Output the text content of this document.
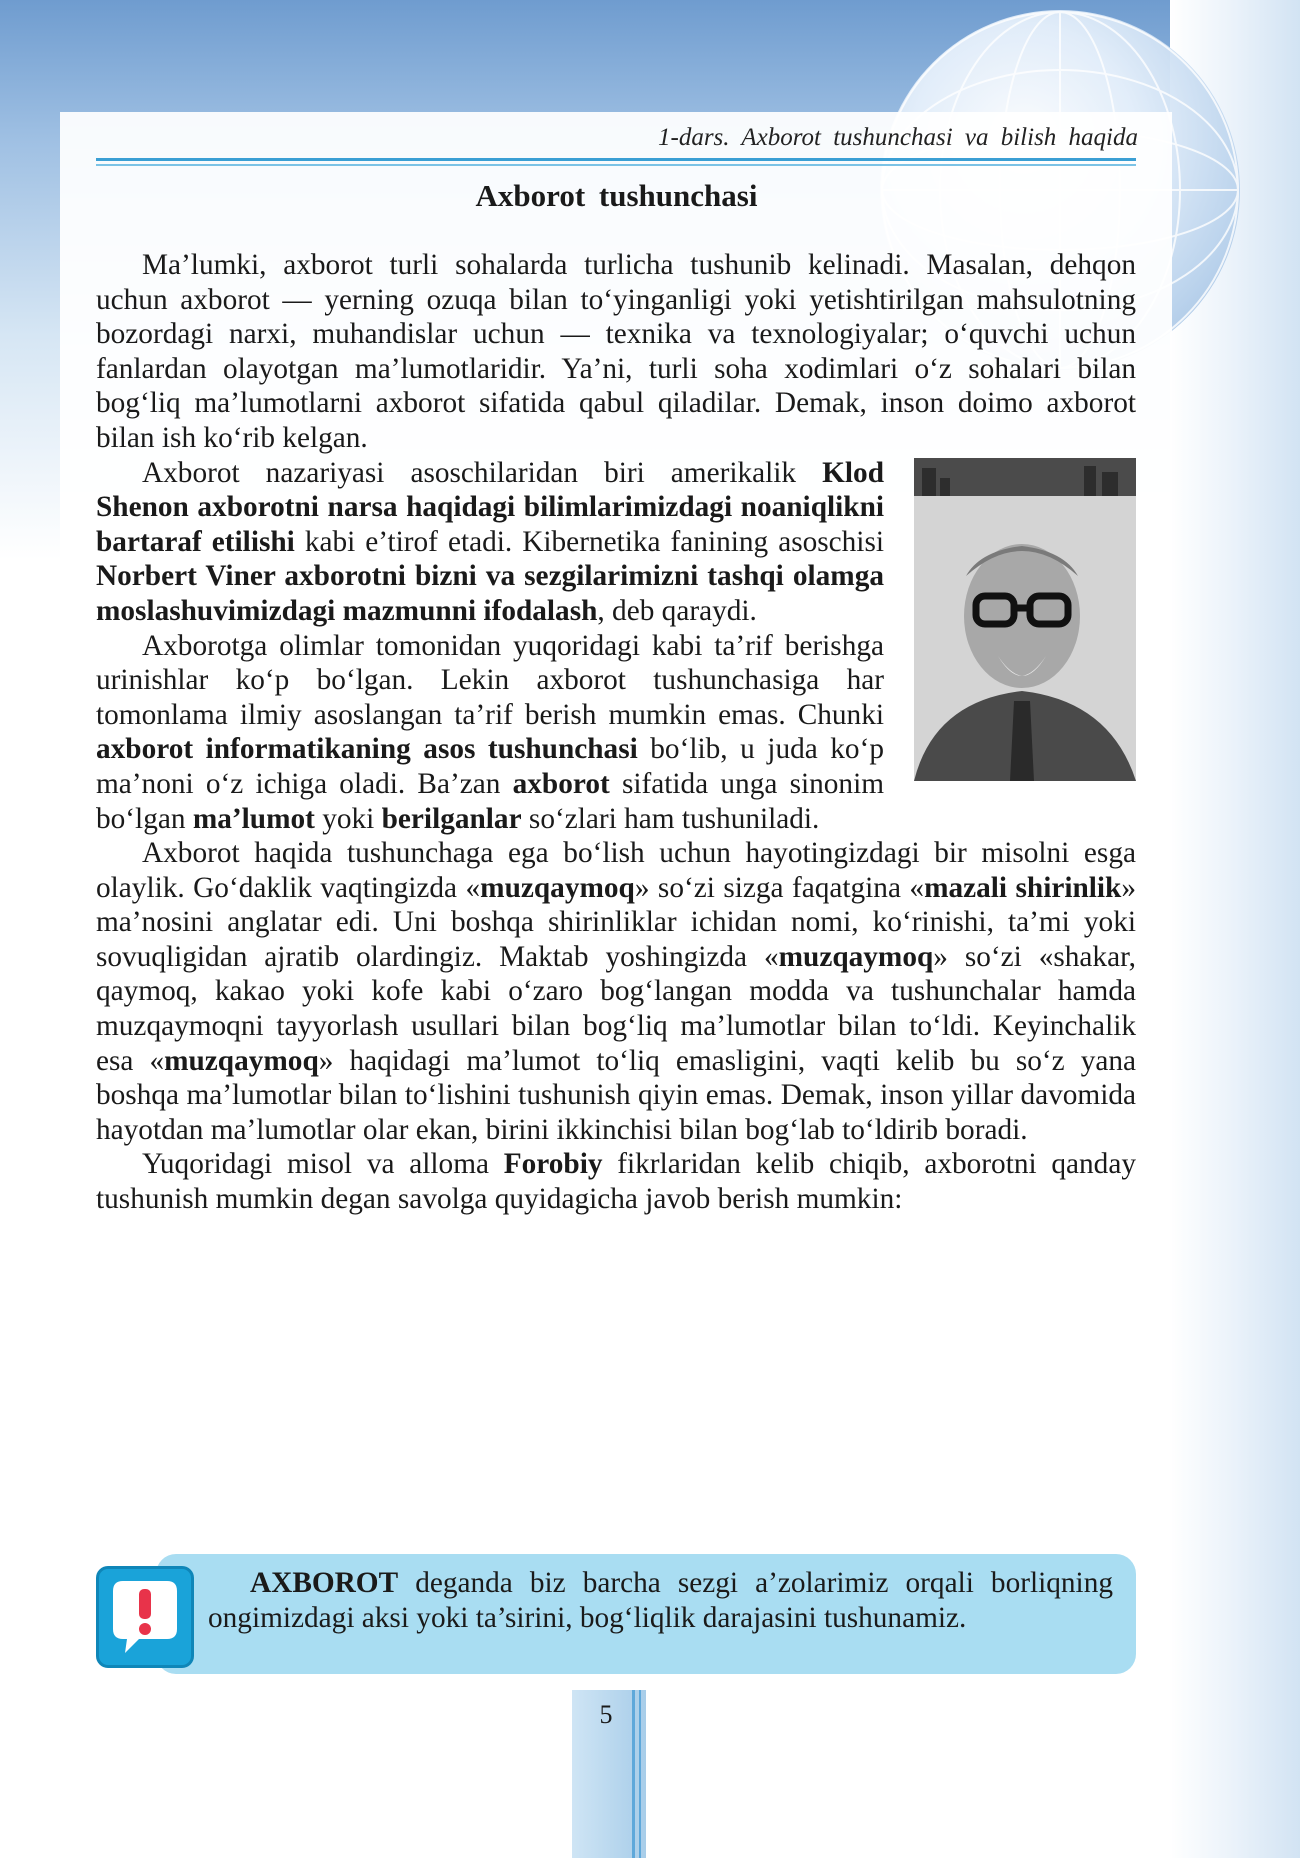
1-dars. Axborot tushunchasi va bilish haqida
Axborot tushunchasi

Ma’lumki, axborot turli sohalarda turlicha tushunib kelinadi. Masalan, dehqon uchun axborot — yerning ozuqa bilan to‘yinganligi yoki yetishtirilgan mahsulotning bozordagi narxi, muhandislar uchun — texnika va texnologiyalar; o‘quvchi uchun fanlardan olayotgan ma’lumotlaridir. Ya’ni, turli soha xodimlari o‘z sohalari bilan bog‘liq ma’lumotlarni axborot sifatida qabul qiladilar. Demak, inson doimo axborot bilan ish ko‘rib kelgan.

Axborot nazariyasi asoschilaridan biri amerikalik Klod Shenon axborotni narsa haqidagi bilimlarimizdagi noaniqlikni bartaraf etilishi kabi e’tirof etadi. Kibernetika fanining asoschisi Norbert Viner axborotni bizni va sezgilarimizni tashqi olamga moslashuvimizdagi mazmunni ifodalash, deb qaraydi.

Axborotga olimlar tomonidan yuqoridagi kabi ta’rif berishga urinishlar ko‘p bo‘lgan. Lekin axborot tushunchasiga har tomonlama ilmiy asoslangan ta’rif berish mumkin emas. Chunki axborot informatikaning asos tushunchasi bo‘lib, u juda ko‘p ma’noni o‘z ichiga oladi. Ba’zan axborot sifatida unga sinonim bo‘lgan ma’lumot yoki berilganlar so‘zlari ham tushuniladi.

Axborot haqida tushunchaga ega bo‘lish uchun hayotingizdagi bir misolni esga olaylik. Go‘daklik vaqtingizda «muzqaymoq» so‘zi sizga faqatgina «mazali shirinlik» ma’nosini anglatar edi. Uni boshqa shirinliklar ichidan nomi, ko‘rinishi, ta’mi yoki sovuqligidan ajratib olardingiz. Maktab yoshingizda «muzqaymoq» so‘zi «shakar, qaymoq, kakao yoki kofe kabi o‘zaro bog‘langan modda va tushunchalar hamda muzqaymoqni tayyorlash usullari bilan bog‘liq ma’lumotlar bilan to‘ldi. Keyinchalik esa «muzqaymoq» haqidagi ma’lumot to‘liq emasligini, vaqti kelib bu so‘z yana boshqa ma’lumotlar bilan to‘lishini tushunish qiyin emas. Demak, inson yillar davomida hayotdan ma’lumotlar olar ekan, birini ikkinchisi bilan bog‘lab to‘ldirib boradi.

Yuqoridagi misol va alloma Forobiy fikrlaridan kelib chiqib, axborotni qanday tushunish mumkin degan savolga quyidagicha javob berish mumkin:

AXBOROT deganda biz barcha sezgi a’zolarimiz orqali borliqning ongimizdagi aksi yoki ta’sirini, bog‘liqlik darajasini tushunamiz.

5
